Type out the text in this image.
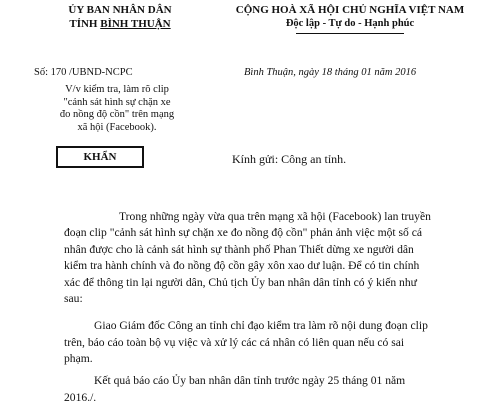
ỦY BAN NHÂN DÂN
TỈNH BÌNH THUẬN
CỘNG HOÀ XÃ HỘI CHỦ NGHĨA VIỆT NAM
Độc lập - Tự do - Hạnh phúc
Số: 170 /UBND-NCPC	Bình Thuận, ngày 18 tháng 01 năm 2016
V/v kiểm tra, làm rõ clip
"cảnh sát hình sự chặn xe
đo nồng độ cồn" trên mạng
xã hội (Facebook).
KHẨN	Kính gửi: Công an tỉnh.
Trong những ngày vừa qua trên mạng xã hội (Facebook) lan truyền
đoạn clip "cảnh sát hình sự chặn xe đo nồng độ cồn" phản ảnh việc một số cá
nhân được cho là cảnh sát hình sự thành phố Phan Thiết dừng xe người dân
kiểm tra hành chính và đo nồng độ cồn gây xôn xao dư luận. Để có tin chính
xác để thông tin lại người dân, Chủ tịch Ủy ban nhân dân tỉnh có ý kiến như
sau:
Giao Giám đốc Công an tỉnh chỉ đạo kiểm tra làm rõ nội dung đoạn clip
trên, báo cáo toàn bộ vụ việc và xử lý các cá nhân có liên quan nếu có sai
phạm.
Kết quả báo cáo Ủy ban nhân dân tỉnh trước ngày 25 tháng 01 năm
2016./.
